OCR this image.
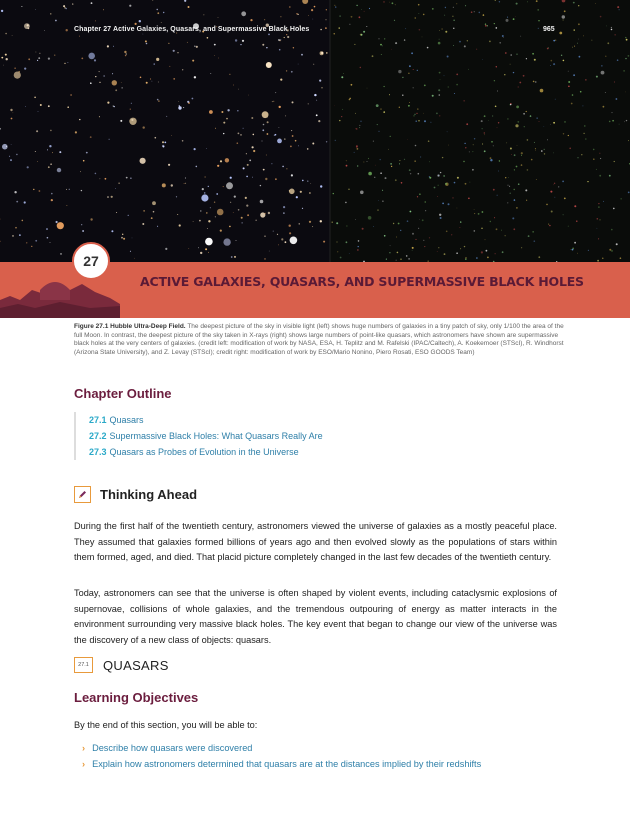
Chapter 27 Active Galaxies, Quasars, and Supermassive Black Holes	965
27
ACTIVE GALAXIES, QUASARS, AND SUPERMASSIVE BLACK HOLES
Figure 27.1 Hubble Ultra-Deep Field. The deepest picture of the sky in visible light (left) shows huge numbers of galaxies in a tiny patch of sky, only 1/100 the area of the full Moon. In contrast, the deepest picture of the sky taken in X-rays (right) shows large numbers of point-like quasars, which astronomers have shown are supermassive black holes at the very centers of galaxies. (credit left: modification of work by NASA, ESA, H. Teplitz and M. Rafelski (IPAC/Caltech), A. Koekemoer (STScI), R. Windhorst (Arizona State University), and Z. Levay (STScI); credit right: modification of work by ESO/Mario Nonino, Piero Rosati, ESO GOODS Team)
Chapter Outline
27.1 Quasars
27.2 Supermassive Black Holes: What Quasars Really Are
27.3 Quasars as Probes of Evolution in the Universe
Thinking Ahead

During the first half of the twentieth century, astronomers viewed the universe of galaxies as a mostly peaceful place. They assumed that galaxies formed billions of years ago and then evolved slowly as the populations of stars within them formed, aged, and died. That placid picture completely changed in the last few decades of the twentieth century.

Today, astronomers can see that the universe is often shaped by violent events, including cataclysmic explosions of supernovae, collisions of whole galaxies, and the tremendous outpouring of energy as matter interacts in the environment surrounding very massive black holes. The key event that began to change our view of the universe was the discovery of a new class of objects: quasars.

27.1	QUASARS
Learning Objectives
By the end of this section, you will be able to:
› Describe how quasars were discovered
› Explain how astronomers determined that quasars are at the distances implied by their redshifts
